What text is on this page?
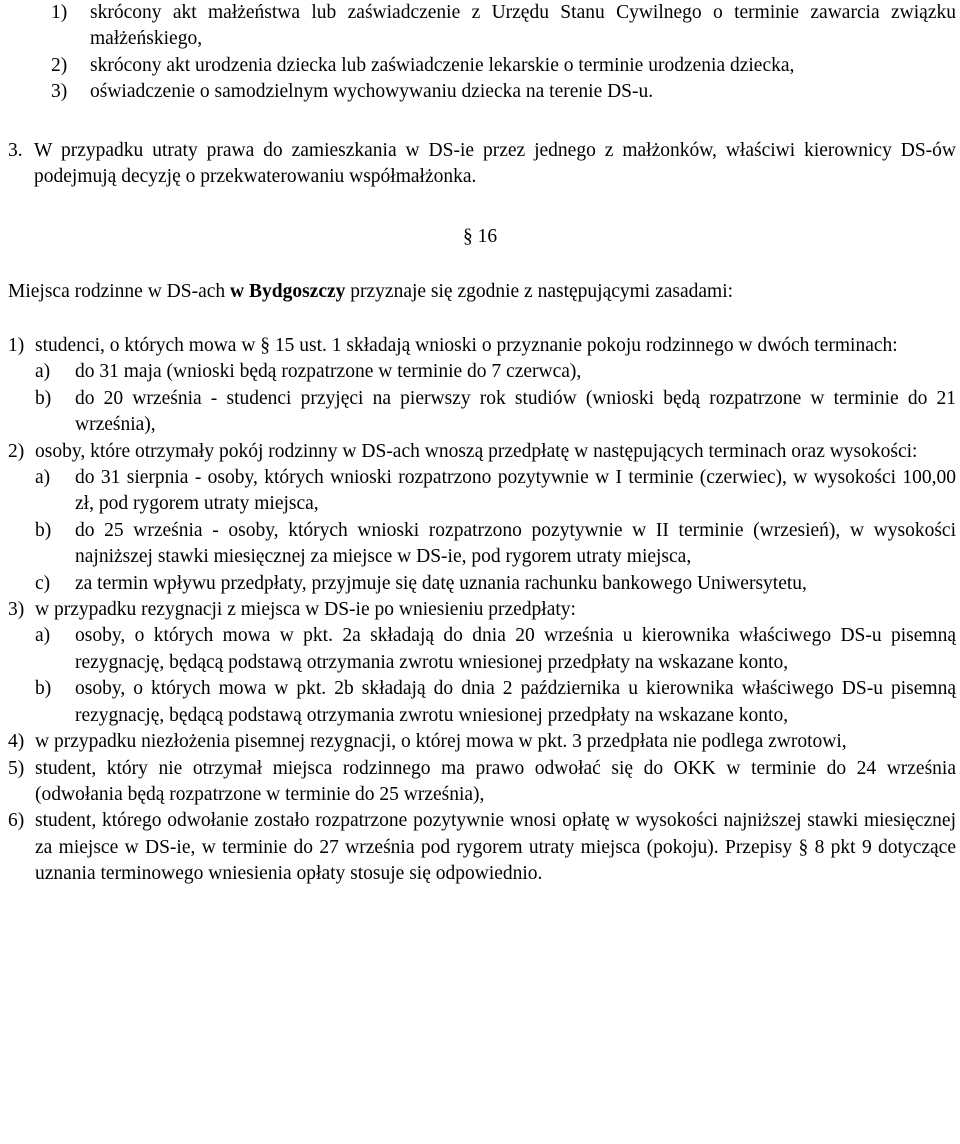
1)	skrócony akt małżeństwa lub zaświadczenie z Urzędu Stanu Cywilnego o terminie zawarcia związku małżeńskiego,
2)	skrócony akt urodzenia dziecka lub zaświadczenie lekarskie o terminie urodzenia dziecka,
3)	oświadczenie o samodzielnym wychowywaniu dziecka na terenie DS-u.
3. W przypadku utraty prawa do zamieszkania w DS-ie przez jednego z małżonków, właściwi kierownicy DS-ów podejmują decyzję o przekwaterowaniu współmałżonka.
§ 16
Miejsca rodzinne w DS-ach w Bydgoszczy przyznaje się zgodnie z następującymi zasadami:
1) studenci, o których mowa w § 15 ust. 1 składają wnioski o przyznanie pokoju rodzinnego w dwóch terminach:
a)	do 31 maja (wnioski będą rozpatrzone w terminie do 7 czerwca),
b)	do 20 września - studenci przyjęci na pierwszy rok studiów (wnioski będą rozpatrzone w terminie do 21 września),
2) osoby, które otrzymały pokój rodzinny w DS-ach wnoszą przedpłatę w następujących terminach oraz wysokości:
a)	do 31 sierpnia - osoby, których wnioski rozpatrzono pozytywnie w I terminie (czerwiec), w wysokości 100,00 zł, pod rygorem utraty miejsca,
b)	do 25 września - osoby, których wnioski rozpatrzono pozytywnie w II terminie (wrzesień), w wysokości najniższej stawki miesięcznej za miejsce w DS-ie, pod rygorem utraty miejsca,
c)	za termin wpływu przedpłaty, przyjmuje się datę uznania rachunku bankowego Uniwersytetu,
3) w przypadku rezygnacji z miejsca w DS-ie po wniesieniu przedpłaty:
a)	osoby, o których mowa w pkt. 2a składają do dnia 20 września u kierownika właściwego DS-u pisemną rezygnację, będącą podstawą otrzymania zwrotu wniesionej przedpłaty na wskazane konto,
b)	osoby, o których mowa w pkt. 2b składają do dnia 2 października u kierownika właściwego DS-u pisemną rezygnację, będącą podstawą otrzymania zwrotu wniesionej przedpłaty na wskazane konto,
4) w przypadku niezłożenia pisemnej rezygnacji, o której mowa w pkt. 3 przedpłata nie podlega zwrotowi,
5) student, który nie otrzymał miejsca rodzinnego ma prawo odwołać się do OKK w terminie do 24 września (odwołania będą rozpatrzone w terminie do 25 września),
6) student, którego odwołanie zostało rozpatrzone pozytywnie wnosi opłatę w wysokości najniższej stawki miesięcznej za miejsce w DS-ie, w terminie do 27 września pod rygorem utraty miejsca (pokoju). Przepisy § 8 pkt 9 dotyczące uznania terminowego wniesienia opłaty stosuje się odpowiednio.
